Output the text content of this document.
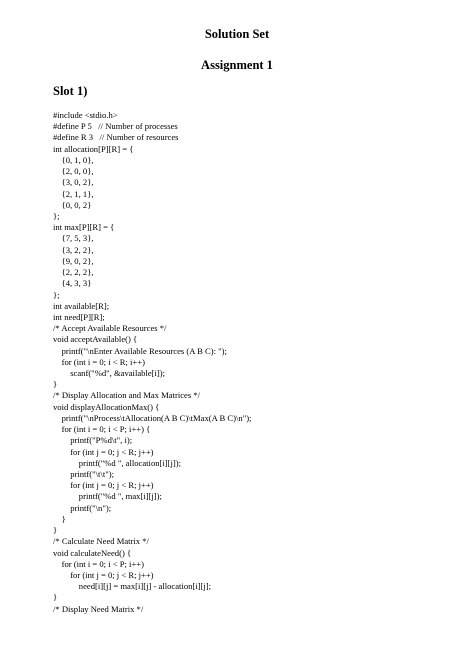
Solution Set
Assignment 1
Slot 1)
#include <stdio.h>
#define P 5   // Number of processes
#define R 3   // Number of resources
int allocation[P][R] = {
{0, 1, 0},
{2, 0, 0},
{3, 0, 2},
{2, 1, 1},
{0, 0, 2}
};
int max[P][R] = {
{7, 5, 3},
{3, 2, 2},
{9, 0, 2},
{2, 2, 2},
{4, 3, 3}
};
int available[R];
int need[P][R];
/* Accept Available Resources */
void acceptAvailable() {
printf("\nEnter Available Resources (A B C): ");
for (int i = 0; i < R; i++)
scanf("%d", &available[i]);
}
/* Display Allocation and Max Matrices */
void displayAllocationMax() {
printf("\nProcess\tAllocation(A B C)\tMax(A B C)\n");
for (int i = 0; i < P; i++) {
printf("P%d\t", i);
for (int j = 0; j < R; j++)
printf("%d ", allocation[i][j]);
printf("\t\t");
for (int j = 0; j < R; j++)
printf("%d ", max[i][j]);
printf("\n");
}
}
/* Calculate Need Matrix */
void calculateNeed() {
for (int i = 0; i < P; i++)
for (int j = 0; j < R; j++)
need[i][j] = max[i][j] - allocation[i][j];
}
/* Display Need Matrix */
